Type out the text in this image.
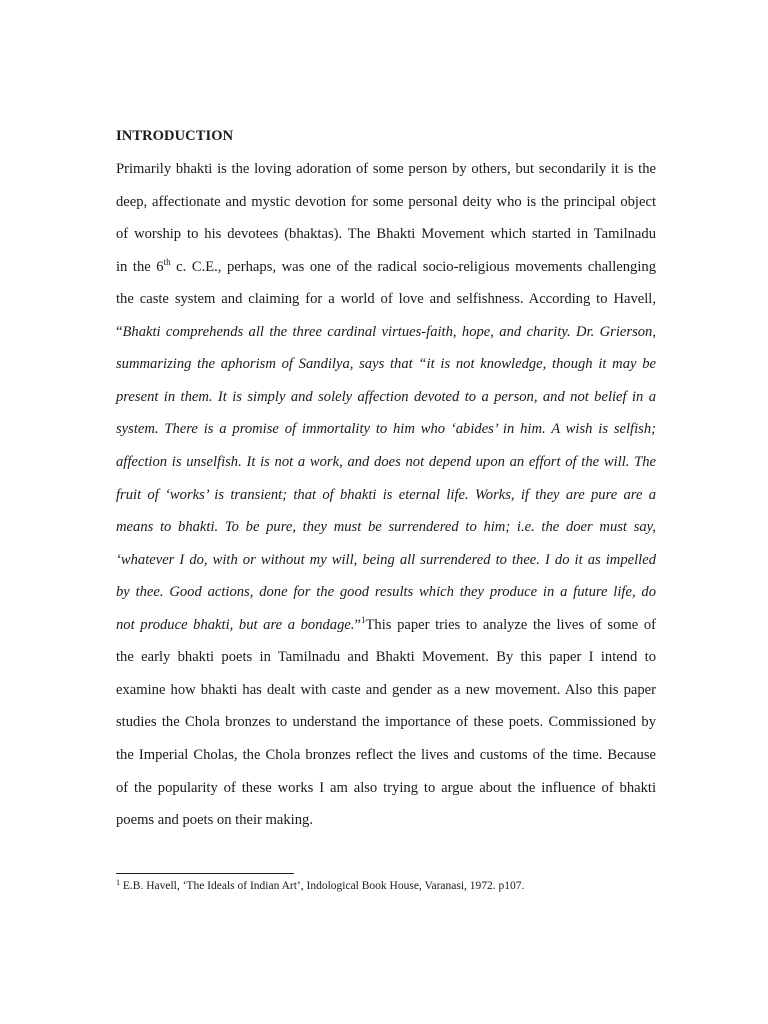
INTRODUCTION
Primarily bhakti is the loving adoration of some person by others, but secondarily it is the
deep, affectionate and mystic devotion for some personal deity who is the principal object
of worship to his devotees (bhaktas). The Bhakti Movement which started in Tamilnadu
in the 6th c. C.E., perhaps, was one of the radical socio-religious movements challenging
the caste system and claiming for a world of love and selfishness. According to Havell,
“Bhakti comprehends all the three cardinal virtues-faith, hope, and charity. Dr. Grierson,
summarizing the aphorism of Sandilya, says that “it is not knowledge, though it may be
present in them. It is simply and solely affection devoted to a person, and not belief in a
system. There is a promise of immortality to him who ‘abides’ in him. A wish is selfish;
affection is unselfish. It is not a work, and does not depend upon an effort of the will. The
fruit of ‘works’ is transient; that of bhakti is eternal life. Works, if they are pure are a
means to bhakti. To be pure, they must be surrendered to him; i.e. the doer must say,
‘whatever I do, with or without my will, being all surrendered to thee. I do it as impelled
by thee. Good actions, done for the good results which they produce in a future life, do
not produce bhakti, but are a bondage.”$^1$This paper tries to analyze the lives of some of
the early bhakti poets in Tamilnadu and Bhakti Movement. By this paper I intend to
examine how bhakti has dealt with caste and gender as a new movement. Also this paper
studies the Chola bronzes to understand the importance of these poets. Commissioned by
the Imperial Cholas, the Chola bronzes reflect the lives and customs of the time. Because
of the popularity of these works I am also trying to argue about the influence of bhakti
poems and poets on their making.
$^1$ E.B. Havell, ‘The Ideals of Indian Art’, Indological Book House, Varanasi, 1972. p107.
